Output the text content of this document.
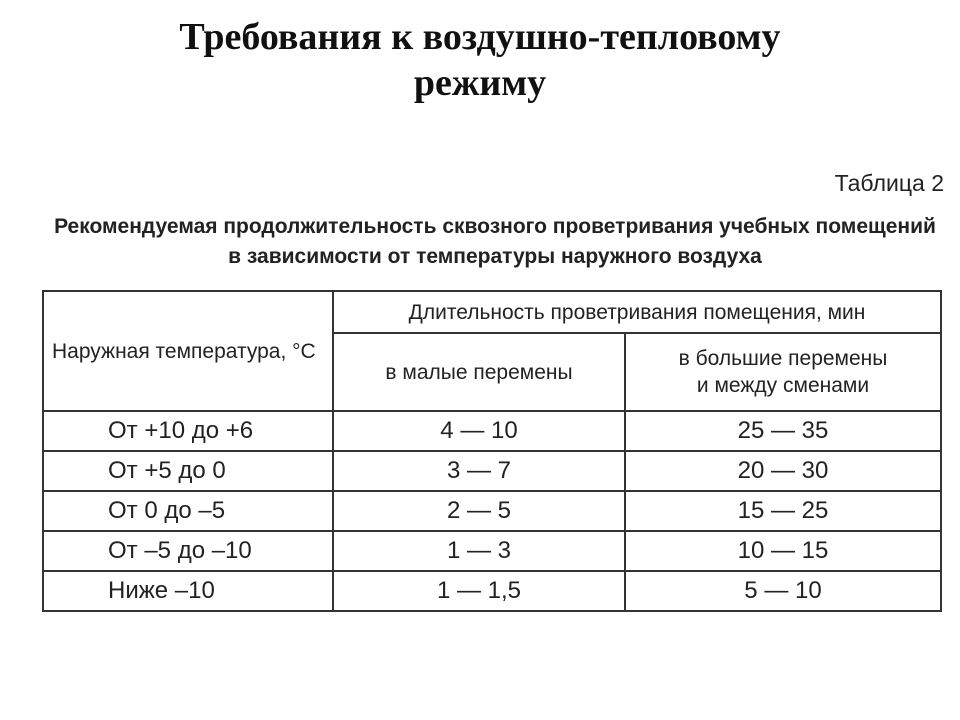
Требования к воздушно-тепловому
режиму
Таблица 2
Рекомендуемая продолжительность сквозного проветривания учебных помещений
в зависимости от температуры наружного воздуха
Наружная температура, °С	Длительность проветривания помещения, мин	
	в малые перемены	в большие перемены
и между сменами

От +10 до +6	4 — 10	25 — 35
От +5 до 0	3 — 7	20 — 30
От 0 до –5	2 — 5	15 — 25
От –5 до –10	1 — 3	10 — 15
Ниже –10	1 — 1,5	5 — 10
